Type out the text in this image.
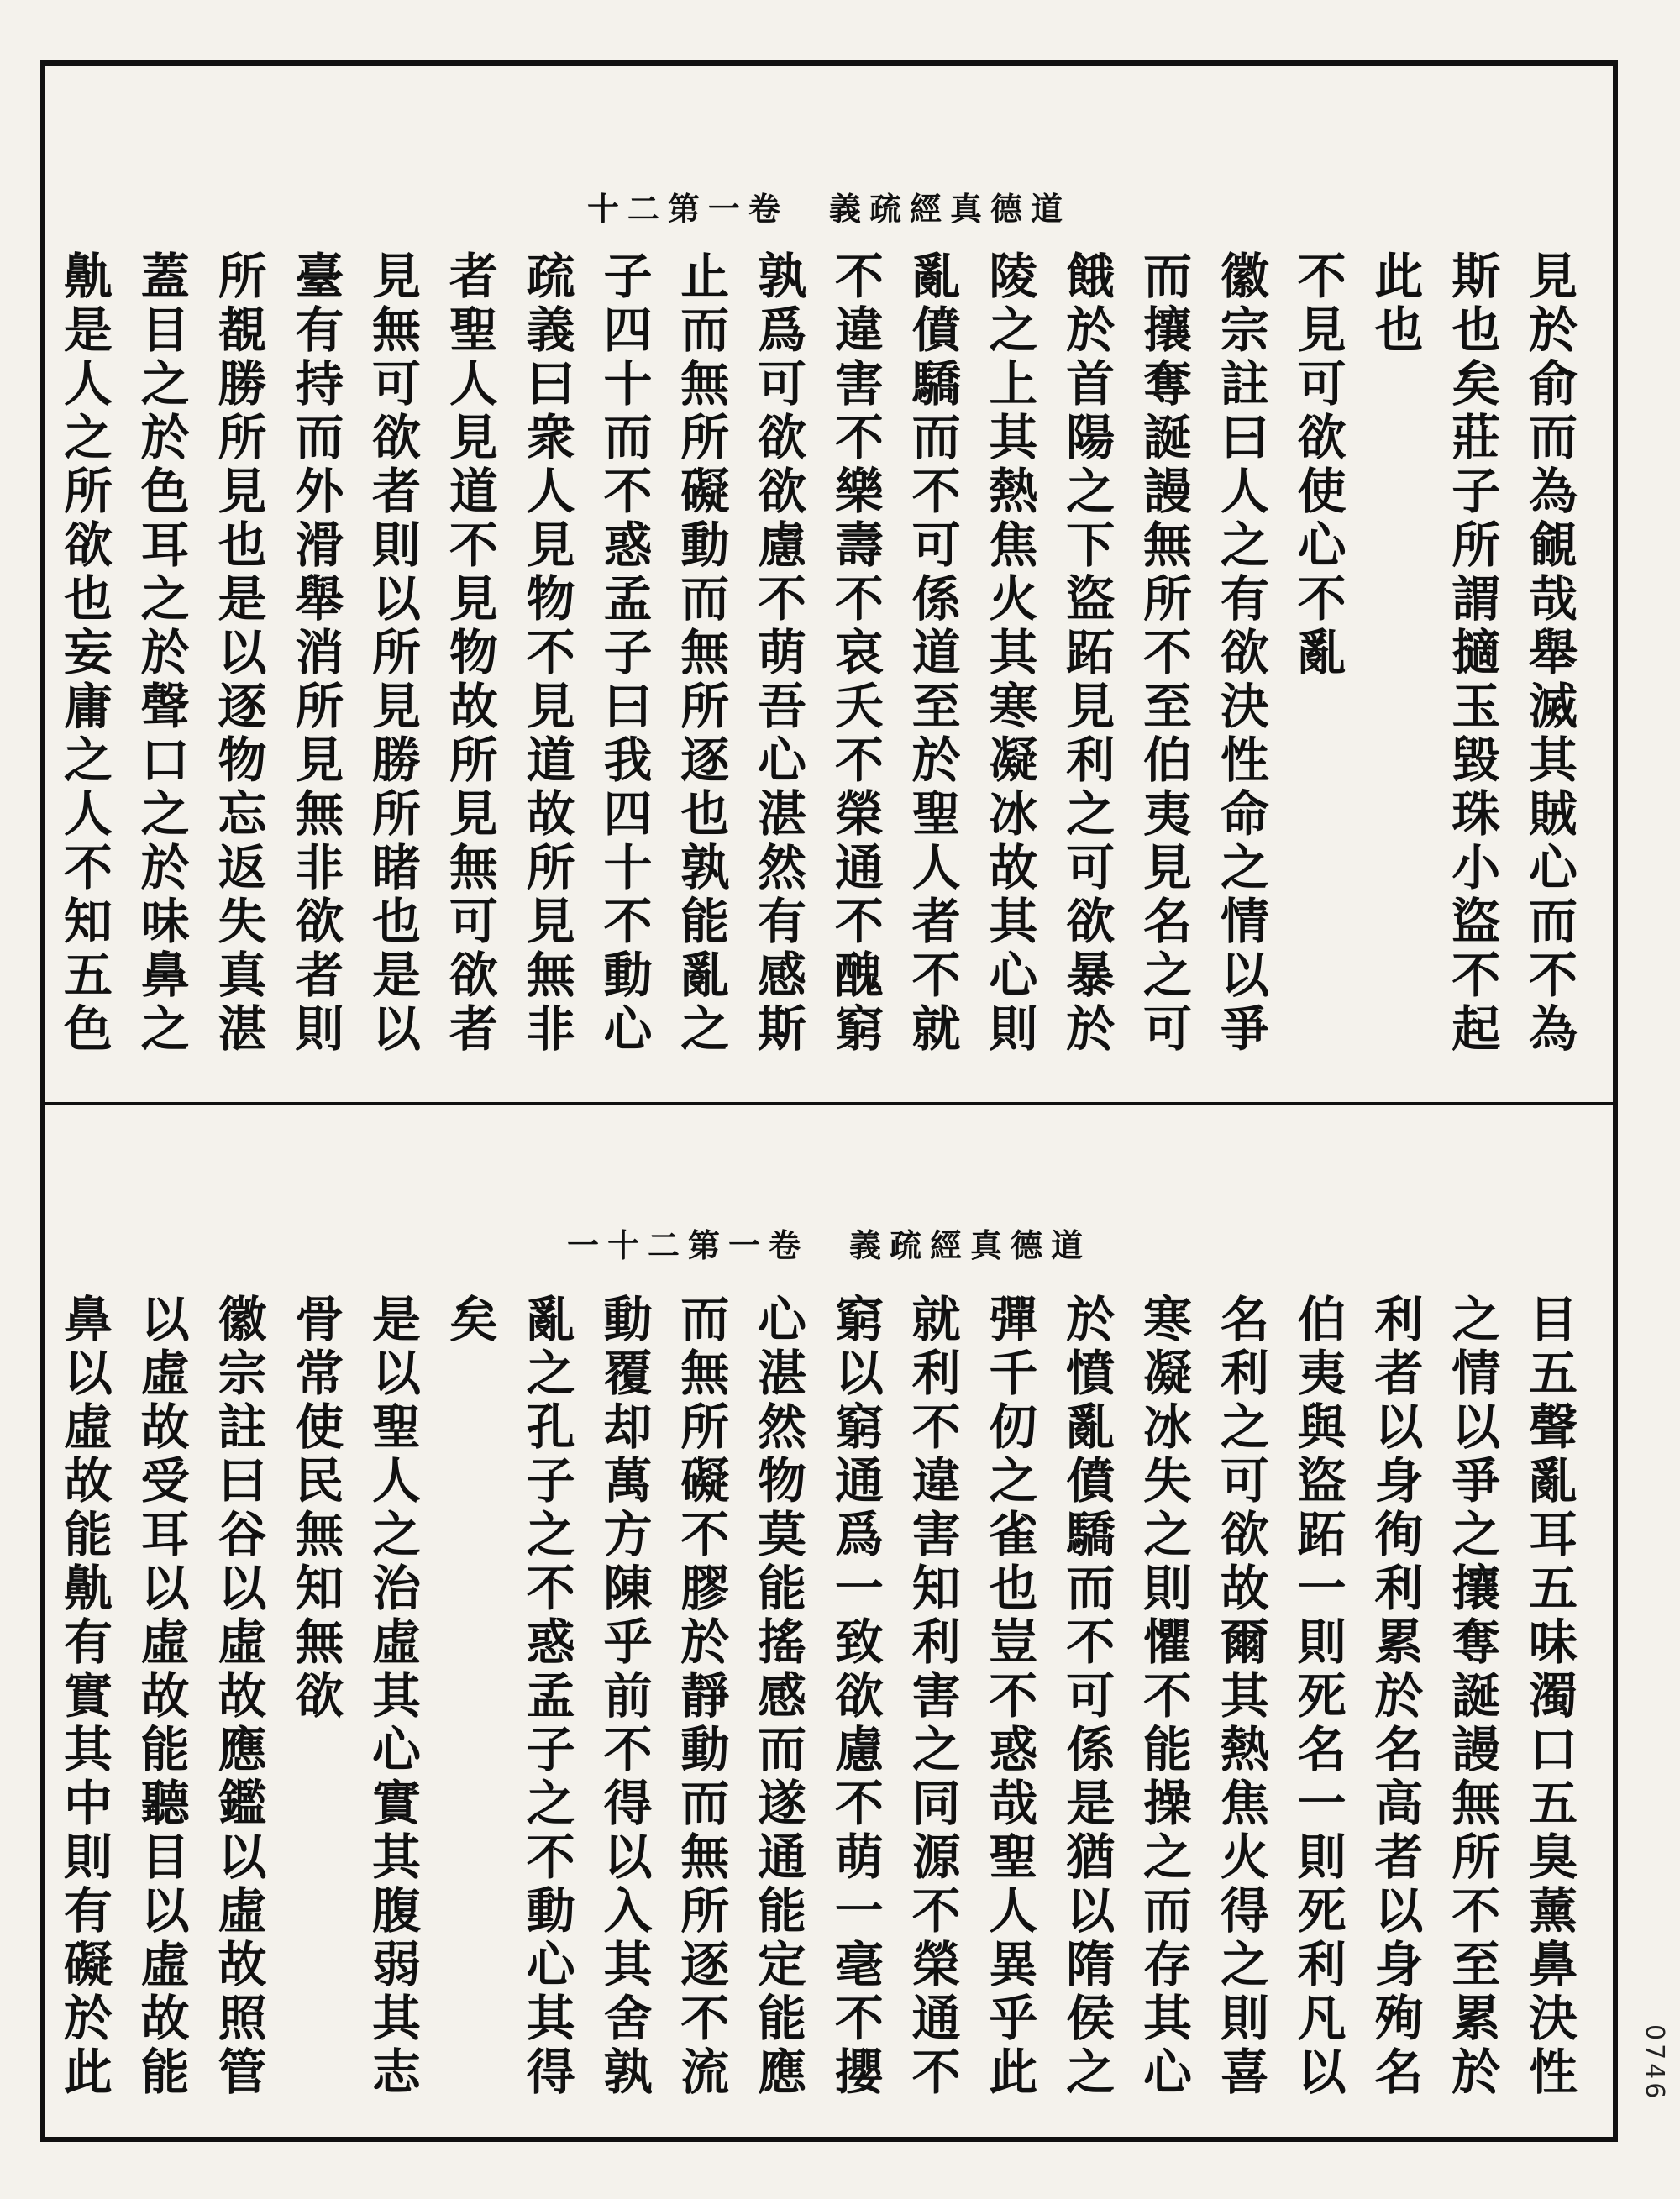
十二第一卷　義疏經真德道
見於俞而為覦哉舉滅其賊心而不為
斯也矣莊子所謂擿玉毀珠小盜不起
此也
不見可欲使心不亂
徽宗註曰人之有欲決性命之情以爭
而攘奪誕謾無所不至伯夷見名之可
餓於首陽之下盜跖見利之可欲暴於
陵之上其熱焦火其寒凝冰故其心則
亂僨驕而不可係道至於聖人者不就
不違害不樂壽不哀夭不榮通不醜窮
孰爲可欲欲慮不萌吾心湛然有感斯
止而無所礙動而無所逐也孰能亂之
子四十而不惑孟子曰我四十不動心
疏義曰衆人見物不見道故所見無非
者聖人見道不見物故所見無可欲者
見無可欲者則以所見勝所睹也是以
臺有持而外滑舉消所見無非欲者則
所覩勝所見也是以逐物忘返失真湛
蓋目之於色耳之於聲口之於味鼻之
鼽是人之所欲也妄庸之人不知五色
一十二第一卷　義疏經真德道
目五聲亂耳五味濁口五臭薰鼻決性
之情以爭之攘奪誕謾無所不至累於
利者以身徇利累於名高者以身殉名
伯夷與盜跖一則死名一則死利凡以
名利之可欲故爾其熱焦火得之則喜
寒凝冰失之則懼不能操之而存其心
於憤亂僨驕而不可係是猶以隋侯之
彈千仞之雀也豈不惑哉聖人異乎此
就利不違害知利害之同源不榮通不
窮以窮通爲一致欲慮不萌一毫不攖
心湛然物莫能搖感而遂通能定能應
而無所礙不膠於靜動而無所逐不流
動覆却萬方陳乎前不得以入其舍孰
亂之孔子之不惑孟子之不動心其得
矣
是以聖人之治虛其心實其腹弱其志
骨常使民無知無欲
徽宗註曰谷以虛故應鑑以虛故照管
以虛故受耳以虛故能聽目以虛故能
鼻以虛故能鼽有實其中則有礙於此	0746
